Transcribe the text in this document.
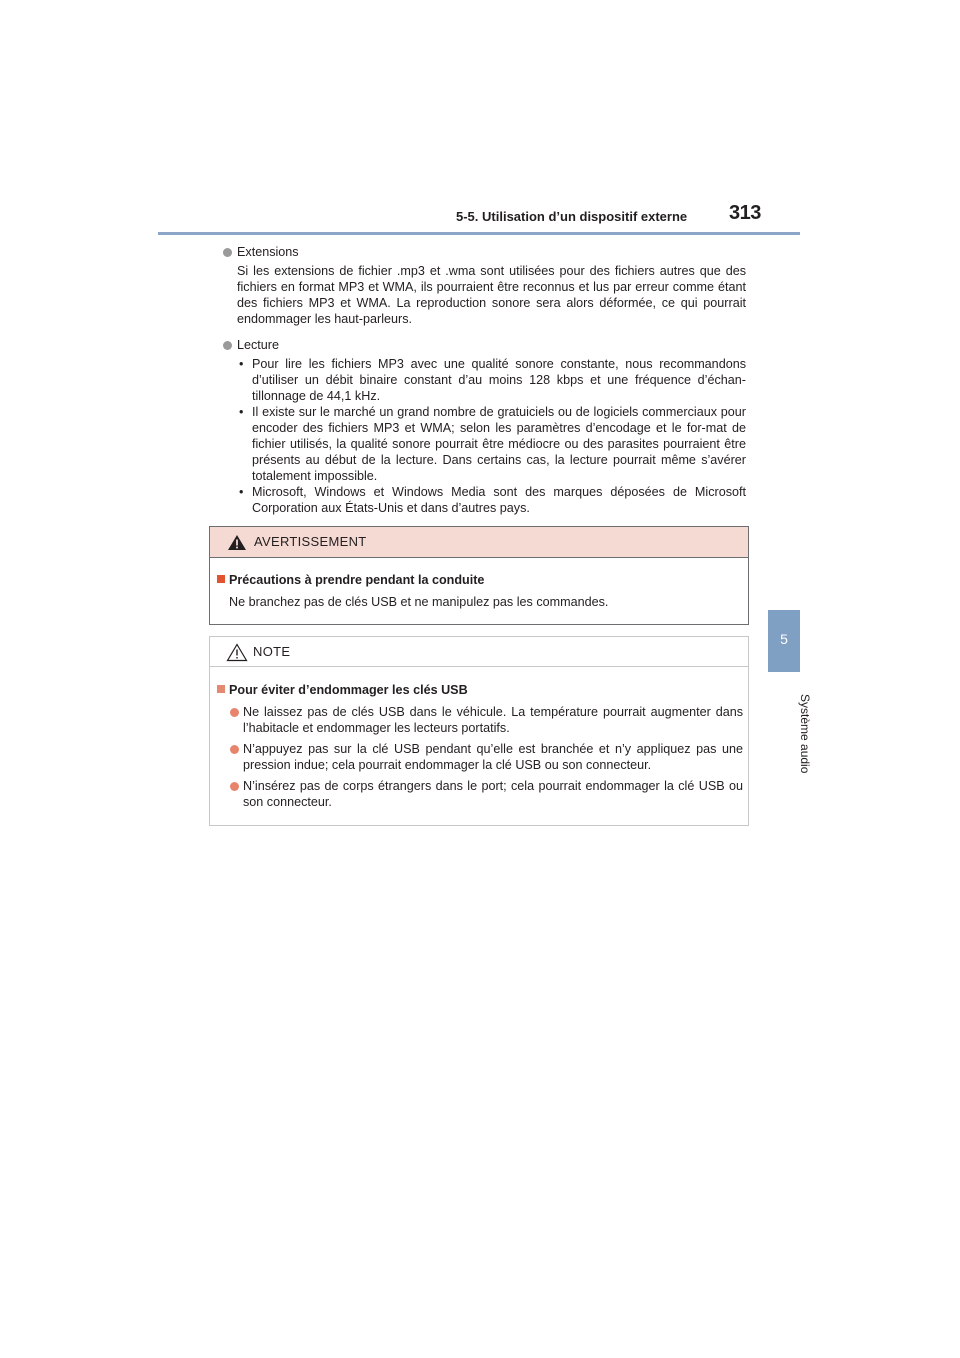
5-5. Utilisation d’un dispositif externe 313
5
Système audio
Extensions
Si les extensions de fichier .mp3 et .wma sont utilisées pour des fichiers autres que des fichiers en format MP3 et WMA, ils pourraient être reconnus et lus par erreur comme étant des fichiers MP3 et WMA. La reproduction sonore sera alors déformée, ce qui pourrait endommager les haut-parleurs.
Lecture
• Pour lire les fichiers MP3 avec une qualité sonore constante, nous recommandons d’utiliser un débit binaire constant d’au moins 128 kbps et une fréquence d’échan-tillonnage de 44,1 kHz.
• Il existe sur le marché un grand nombre de gratuiciels ou de logiciels commerciaux pour encoder des fichiers MP3 et WMA; selon les paramètres d’encodage et le for-mat de fichier utilisés, la qualité sonore pourrait être médiocre ou des parasites pourraient être présents au début de la lecture. Dans certains cas, la lecture pourrait même s’avérer totalement impossible.
• Microsoft, Windows et Windows Media sont des marques déposées de Microsoft Corporation aux États-Unis et dans d’autres pays.
AVERTISSEMENT
Précautions à prendre pendant la conduite
Ne branchez pas de clés USB et ne manipulez pas les commandes.
NOTE
Pour éviter d’endommager les clés USB
Ne laissez pas de clés USB dans le véhicule. La température pourrait augmenter dans l’habitacle et endommager les lecteurs portatifs.
N’appuyez pas sur la clé USB pendant qu’elle est branchée et n’y appliquez pas une pression indue; cela pourrait endommager la clé USB ou son connecteur.
N’insérez pas de corps étrangers dans le port; cela pourrait endommager la clé USB ou son connecteur.
